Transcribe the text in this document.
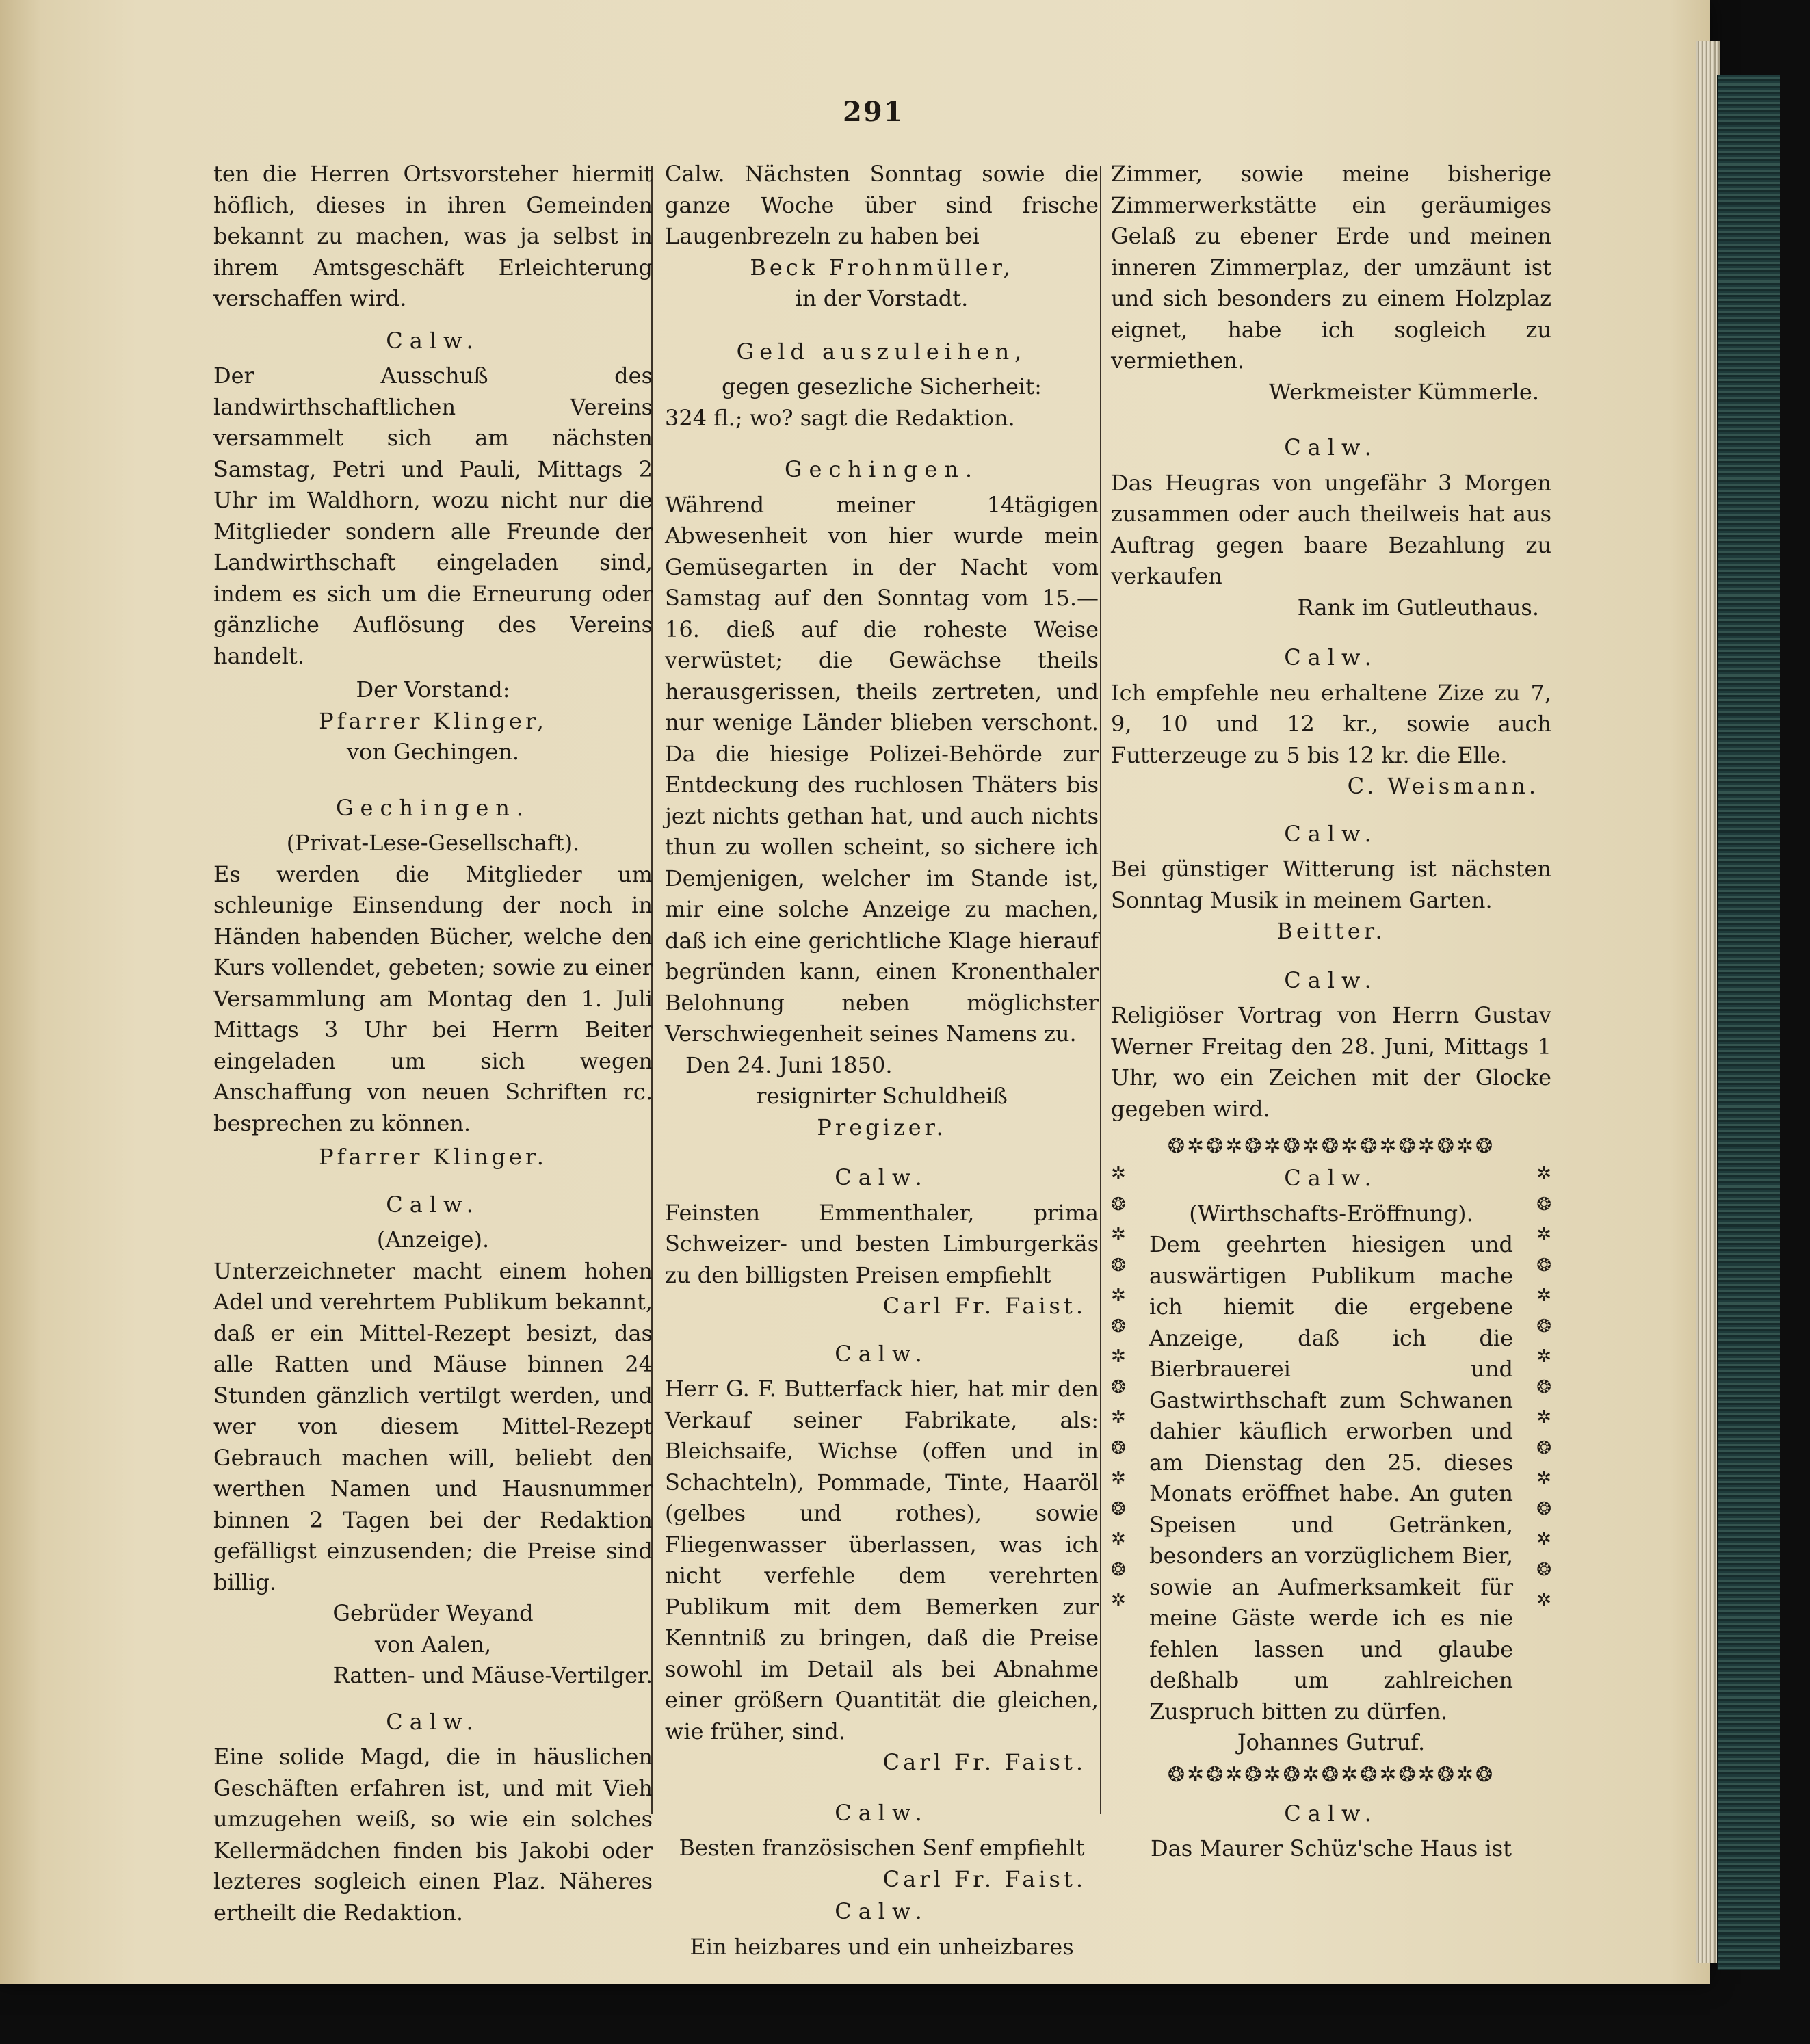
291

ten die Herren Ortsvorsteher hiermit höflich, dieses in ihren Gemeinden bekannt zu machen, was ja selbst in ihrem Amtsgeschäft Erleichterung verschaffen wird.

Calw.

Der Ausschuß des landwirthschaftlichen Vereins versammelt sich am nächsten Samstag, Petri und Pauli, Mittags 2 Uhr im Waldhorn, wozu nicht nur die Mitglieder sondern alle Freunde der Landwirthschaft eingeladen sind, indem es sich um die Erneurung oder gänzliche Auflösung des Vereins handelt.

Der Vorstand:

Pfarrer Klinger,

von Gechingen.

Gechingen.

(Privat-Lese-Gesellschaft).

Es werden die Mitglieder um schleunige Einsendung der noch in Händen habenden Bücher, welche den Kurs vollendet, gebeten; sowie zu einer Versammlung am Montag den 1. Juli Mittags 3 Uhr bei Herrn Beiter eingeladen um sich wegen Anschaffung von neuen Schriften rc. besprechen zu können.

Pfarrer Klinger.

Calw.

(Anzeige).

Unterzeichneter macht einem hohen Adel und verehrtem Publikum bekannt, daß er ein Mittel-Rezept besizt, das alle Ratten und Mäuse binnen 24 Stunden gänzlich vertilgt werden, und wer von diesem Mittel-Rezept Gebrauch machen will, beliebt den werthen Namen und Hausnummer binnen 2 Tagen bei der Redaktion gefälligst einzusenden; die Preise sind billig.

Gebrüder Weyand

von Aalen,

Ratten- und Mäuse-Vertilger.

Calw.

Eine solide Magd, die in häuslichen Geschäften erfahren ist, und mit Vieh umzugehen weiß, so wie ein solches Kellermädchen finden bis Jakobi oder lezteres sogleich einen Plaz. Näheres ertheilt die Redaktion.

Calw. Nächsten Sonntag sowie die ganze Woche über sind frische Laugenbrezeln zu haben bei

Beck Frohnmüller,

in der Vorstadt.

Geld auszuleihen,

gegen gesezliche Sicherheit:

324 fl.; wo? sagt die Redaktion.

Gechingen.

Während meiner 14tägigen Abwesenheit von hier wurde mein Gemüsegarten in der Nacht vom Samstag auf den Sonntag vom 15.—16. dieß auf die roheste Weise verwüstet; die Gewächse theils herausgerissen, theils zertreten, und nur wenige Länder blieben verschont. Da die hiesige Polizei-Behörde zur Entdeckung des ruchlosen Thäters bis jezt nichts gethan hat, und auch nichts thun zu wollen scheint, so sichere ich Demjenigen, welcher im Stande ist, mir eine solche Anzeige zu machen, daß ich eine gerichtliche Klage hierauf begründen kann, einen Kronenthaler Belohnung neben möglichster Verschwiegenheit seines Namens zu.

Den 24. Juni 1850.

resignirter Schuldheiß

Pregizer.

Calw.

Feinsten Emmenthaler, prima Schweizer- und besten Limburgerkäs zu den billigsten Preisen empfiehlt

Carl Fr. Faist.

Calw.

Herr G. F. Butterfack hier, hat mir den Verkauf seiner Fabrikate, als: Bleichsaife, Wichse (offen und in Schachteln), Pommade, Tinte, Haaröl (gelbes und rothes), sowie Fliegenwasser überlassen, was ich nicht verfehle dem verehrten Publikum mit dem Bemerken zur Kenntniß zu bringen, daß die Preise sowohl im Detail als bei Abnahme einer größern Quantität die gleichen, wie früher, sind.

Carl Fr. Faist.

Calw.

Besten französischen Senf empfiehlt

Carl Fr. Faist.

Calw.

Ein heizbares und ein unheizbares

Zimmer, sowie meine bisherige Zimmerwerkstätte ein geräumiges Gelaß zu ebener Erde und meinen inneren Zimmerplaz, der umzäunt ist und sich besonders zu einem Holzplaz eignet, habe ich sogleich zu vermiethen.

Werkmeister Kümmerle.

Calw.

Das Heugras von ungefähr 3 Morgen zusammen oder auch theilweis hat aus Auftrag gegen baare Bezahlung zu verkaufen

Rank im Gutleuthaus.

Calw.

Ich empfehle neu erhaltene Zize zu 7, 9, 10 und 12 kr., sowie auch Futterzeuge zu 5 bis 12 kr. die Elle.

C. Weismann.

Calw.

Bei günstiger Witterung ist nächsten Sonntag Musik in meinem Garten.

Beitter.

Calw.

Religiöser Vortrag von Herrn Gustav Werner Freitag den 28. Juni, Mittags 1 Uhr, wo ein Zeichen mit der Glocke gegeben wird.

❂✲❂✲❂✲❂✲❂✲❂✲❂✲❂✲❂
✲
❂
✲
❂
✲
❂
✲
❂
✲
❂
✲
❂
✲
❂
✲
✲
❂
✲
❂
✲
❂
✲
❂
✲
❂
✲
❂
✲
❂
✲

Calw.

(Wirthschafts-Eröffnung).

Dem geehrten hiesigen und auswärtigen Publikum mache ich hiemit die ergebene Anzeige, daß ich die Bierbrauerei und Gastwirthschaft zum Schwanen dahier käuflich erworben und am Dienstag den 25. dieses Monats eröffnet habe. An guten Speisen und Getränken, besonders an vorzüglichem Bier, sowie an Aufmerksamkeit für meine Gäste werde ich es nie fehlen lassen und glaube deßhalb um zahlreichen Zuspruch bitten zu dürfen.

Johannes Gutruf.

❂✲❂✲❂✲❂✲❂✲❂✲❂✲❂✲❂

Calw.

Das Maurer Schüz'sche Haus ist
